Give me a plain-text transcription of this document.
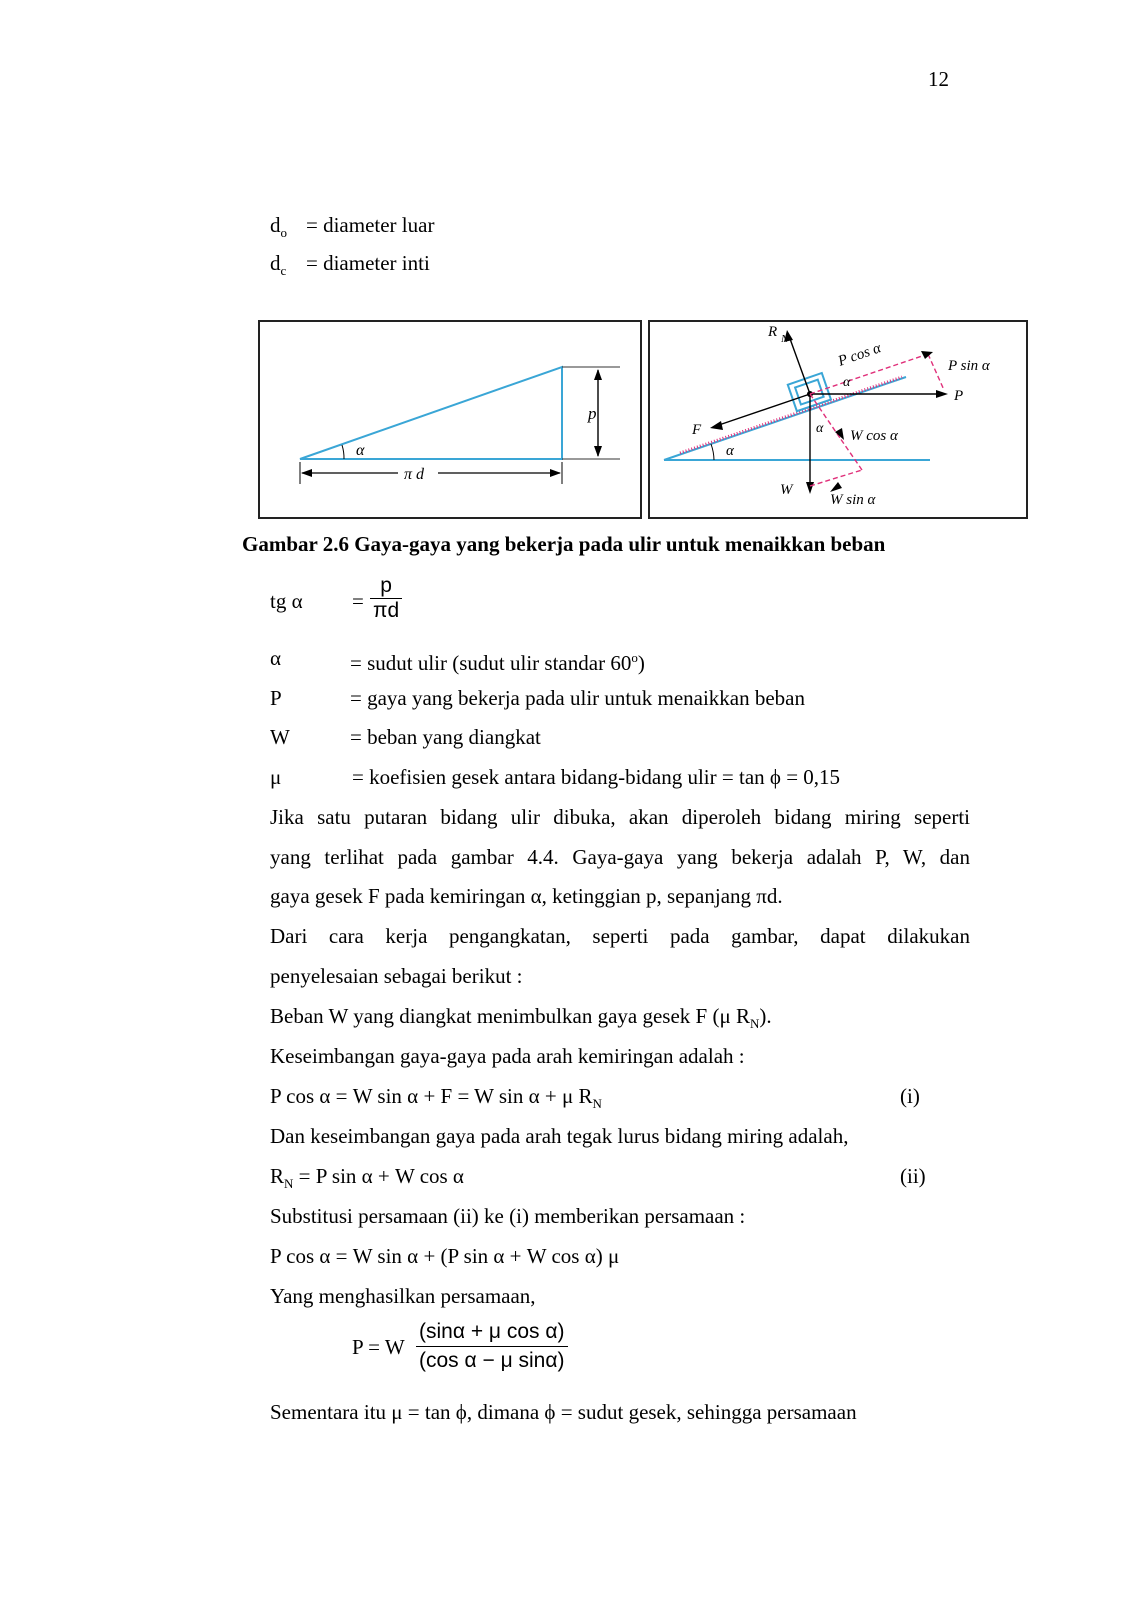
12
$d_o$ = diameter luar
$d_c$ = diameter inti
p
α
π d
α
R N
P
P cos α	P sin α
α
F
W
α W cos α
W sin α
Gambar 2.6 Gaya-gaya yang bekerja pada ulir untuk menaikkan beban
tg $\alpha = \frac{p}{\pi d}$
α	= sudut ulir (sudut ulir standar 60$^o$)
P	= gaya yang bekerja pada ulir untuk menaikkan beban
W	= beban yang diangkat
μ	= koefisien gesek antara bidang-bidang ulir = tan ϕ = 0,15
Jika satu putaran bidang ulir dibuka, akan diperoleh bidang miring seperti
yang terlihat pada gambar 4.4. Gaya-gaya yang bekerja adalah P, W, dan
gaya gesek F pada kemiringan α, ketinggian p, sepanjang πd.
Dari cara kerja pengangkatan, seperti pada gambar, dapat dilakukan
penyelesaian sebagai berikut :
Beban W yang diangkat menimbulkan gaya gesek F (μ $R_N$).
Keseimbangan gaya-gaya pada arah kemiringan adalah :
P cos α = W sin α + F = W sin α + μ $R_N$	(i)
Dan keseimbangan gaya pada arah tegak lurus bidang miring adalah,
$R_N = P$ sin α + W cos α	(ii)
Substitusi persamaan (ii) ke (i) memberikan persamaan :
P cos α = W sin α + (P sin α + W cos α) μ
Yang menghasilkan persamaan,
P = W $\frac{\text{(sinα + μ cos α)}}{\text{(cos α − μ sinα)}}$
Sementara itu μ = tan ϕ, dimana ϕ = sudut gesek, sehingga persamaan
